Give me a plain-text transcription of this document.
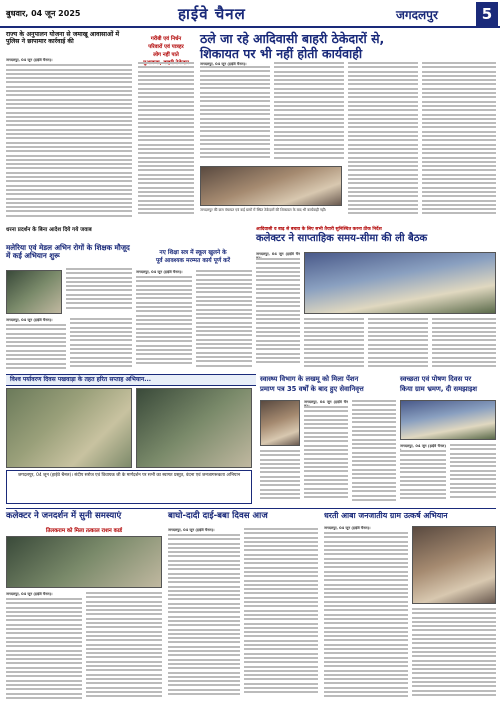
बुधवार, 04 जून 2025	हाईवे चैनल	जगदलपुर	5
राज्य के अनुपालन योजना से जमाखू आवासाओं में पुलिस ने छापामार कार्रवाई की
जगदलपुर, 04 जून (हाईवे चैनल)।
गरीबी एवं निर्धन
परिवारों एवं पात्रहर
लोग नहीं पाते
ठले जा रहे आदिवासी बाहरी ठेकेदारों से,
शिकायत पर भी नहीं होती कार्यवाही
जगदलपुर, 04 जून (हाईवे चैनल)।
जगदलपुर की ग्राम पंचायत एवं कई ग्रामों में स्थित ठेकेदारों की शिकायत के बाद भी कार्यवाही नहीं।
धरना प्रदर्शन के बिना आदेश दिये गये जवाब
मलेरिया एवं मेडल अभिन रोगों के शिक्षक मौजूद में कई अभियान शुरू
जगदलपुर, 04 जून (हाईवे चैनल)।
नए शिक्षा सत्र में स्कूल खुलने के
पूर्व आवश्यक मरम्मत कार्य पूर्ण करें
जगदलपुर, 04 जून (हाईवे चैनल)।
आदिवासी व बाढ़ से बचाव के लिए सभी तैयारी सुनिश्चित करना ठीक निर्देश
कलेक्टर ने साप्ताहिक समय-सीमा की ली बैठक
जगदलपुर, 04 जून (हाईवे चैन
विश्व पर्यावरण दिवस पखवाड़ा के तहत हरित सप्ताह अभियान...
जगदलपुर, 04 जून (हाईवे चैनल)। संदीप सरोज एवं विधायक जी के मार्गदर्शन पर सभी का स्वागत प्रस्तुत, वंदना एवं जनजागरूकता अभियान
स्वास्थ्य विभाग के लखमू को मिला पेंशन
प्रमाण पत्र 35 वर्षों के बाद हुए सेवानिवृत्त
जगदलपुर, 04 जून (हाईवे चैन
स्वच्छता एवं पोषण दिवस पर
किया ग्राम भ्रमण, दी समझाइश
जगदलपुर, 04 जून (हाईवे चैनल)
कलेक्टर ने जनदर्शन में सुनी समस्याएं
तिलकराम को मिला तत्काल राशन कार्ड
जगदलपुर, 04 जून (हाईवे चैनल)।
बाघो-दादी दाई-बबा दिवस आज
जगदलपुर, 04 जून (हाईवे चैनल)।
धरती आबा जनजातीय ग्राम उत्कर्ष अभियान
जगदलपुर, 04 जून (हाईवे चैनल)।
